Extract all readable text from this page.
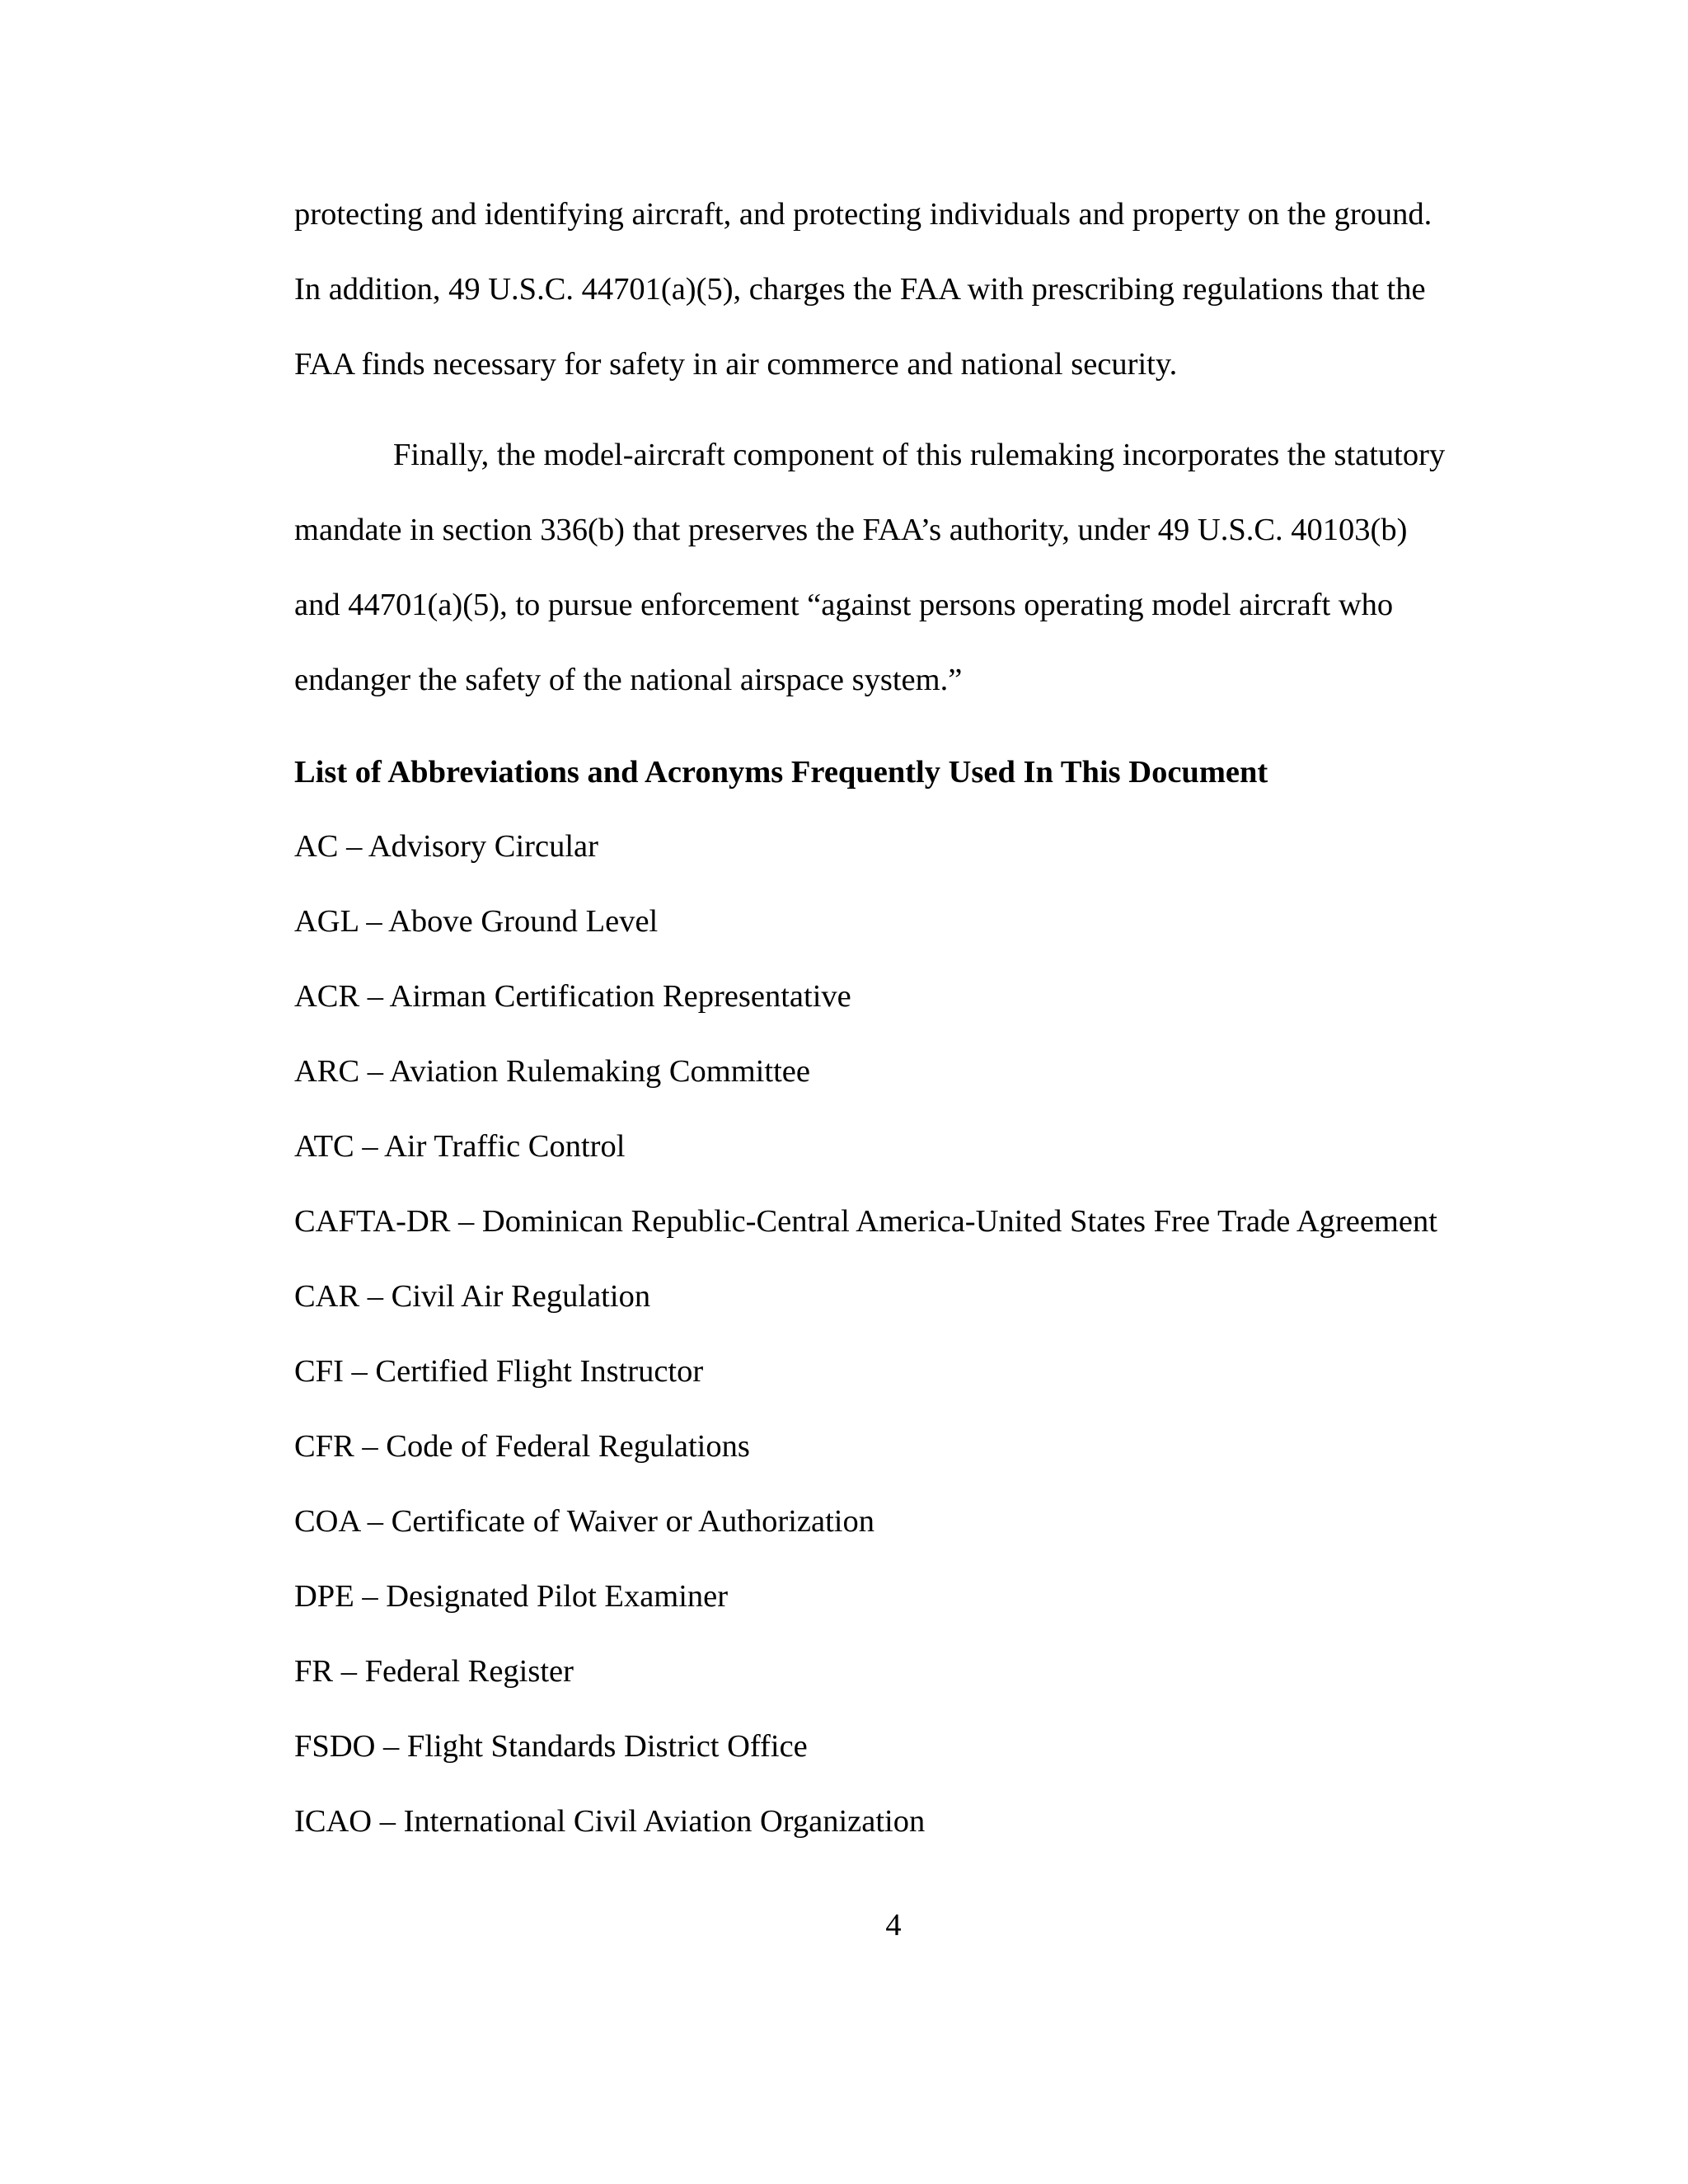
protecting and identifying aircraft, and protecting individuals and property on the ground.

In addition, 49 U.S.C. 44701(a)(5), charges the FAA with prescribing regulations that the

FAA finds necessary for safety in air commerce and national security.

Finally, the model-aircraft component of this rulemaking incorporates the statutory

mandate in section 336(b) that preserves the FAA’s authority, under 49 U.S.C. 40103(b)

and 44701(a)(5), to pursue enforcement “against persons operating model aircraft who

endanger the safety of the national airspace system.”

List of Abbreviations and Acronyms Frequently Used In This Document

AC – Advisory Circular

AGL – Above Ground Level

ACR – Airman Certification Representative

ARC – Aviation Rulemaking Committee

ATC – Air Traffic Control

CAFTA-DR – Dominican Republic-Central America-United States Free Trade Agreement

CAR – Civil Air Regulation

CFI – Certified Flight Instructor

CFR – Code of Federal Regulations

COA – Certificate of Waiver or Authorization

DPE – Designated Pilot Examiner

FR – Federal Register

FSDO – Flight Standards District Office

ICAO – International Civil Aviation Organization

4
